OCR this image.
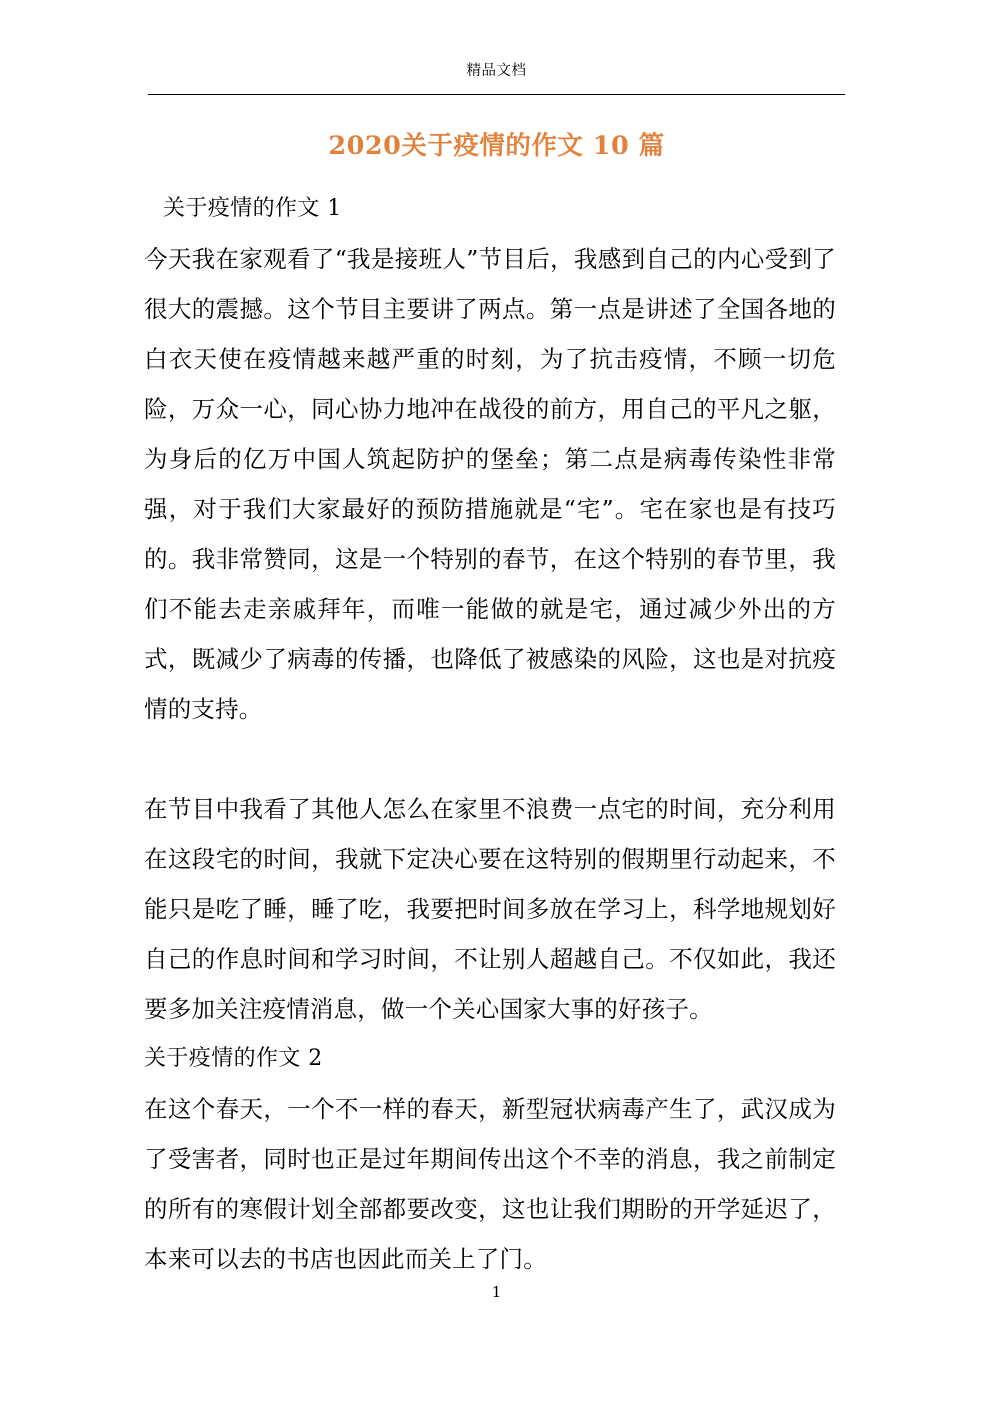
精品文档
2020关于疫情的作文 10 篇
关于疫情的作文 1

今天我在家观看了“我是接班人”节目后，我感到自己的内心受到了很大的震撼。这个节目主要讲了两点。第一点是讲述了全国各地的白衣天使在疫情越来越严重的时刻，为了抗击疫情，不顾一切危险，万众一心，同心协力地冲在战役的前方，用自己的平凡之躯，为身后的亿万中国人筑起防护的堡垒；第二点是病毒传染性非常强，对于我们大家最好的预防措施就是“宅”。宅在家也是有技巧的。我非常赞同，这是一个特别的春节，在这个特别的春节里，我们不能去走亲戚拜年，而唯一能做的就是宅，通过减少外出的方式，既减少了病毒的传播，也降低了被感染的风险，这也是对抗疫情的支持。

在节目中我看了其他人怎么在家里不浪费一点宅的时间，充分利用在这段宅的时间，我就下定决心要在这特别的假期里行动起来，不能只是吃了睡，睡了吃，我要把时间多放在学习上，科学地规划好自己的作息时间和学习时间，不让别人超越自己。不仅如此，我还要多加关注疫情消息，做一个关心国家大事的好孩子。

关于疫情的作文 2

在这个春天，一个不一样的春天，新型冠状病毒产生了，武汉成为了受害者，同时也正是过年期间传出这个不幸的消息，我之前制定的所有的寒假计划全部都要改变，这也让我们期盼的开学延迟了，本来可以去的书店也因此而关上了门。

1
